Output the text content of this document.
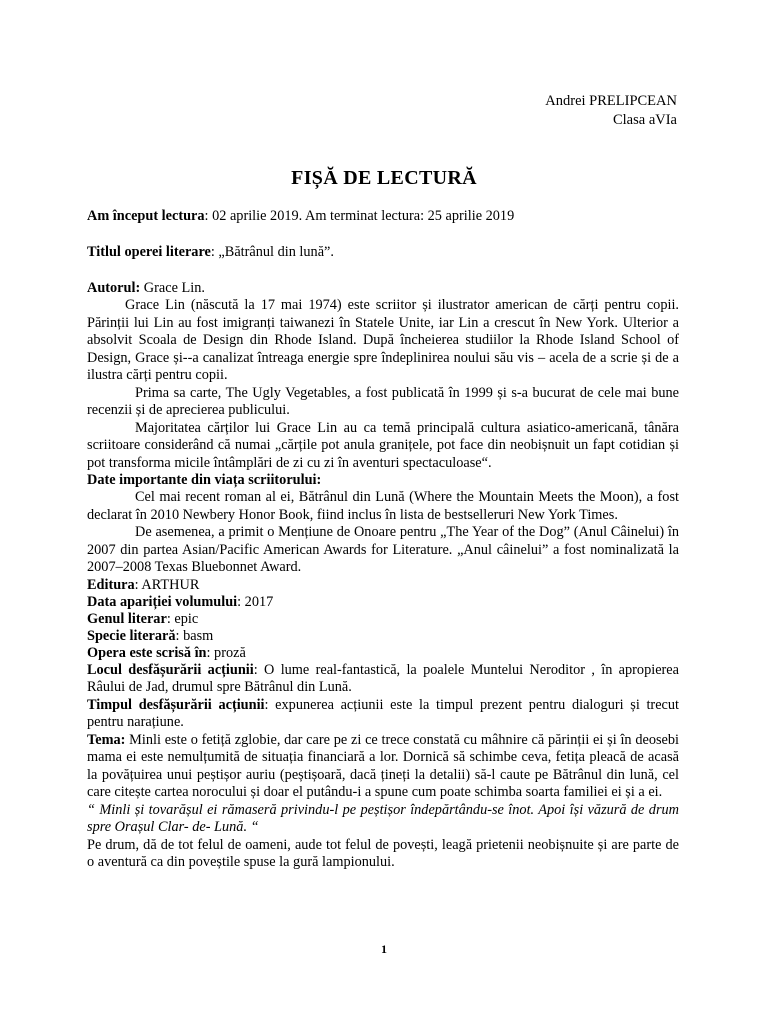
Andrei PRELIPCEAN
Clasa aVIa
FIȘĂ DE LECTURĂ

Am început lectura: 02 aprilie 2019. Am terminat lectura: 25 aprilie 2019

Titlul operei literare: „Bătrânul din lună”.

Autorul: Grace Lin.

Grace Lin (născută la 17 mai 1974) este scriitor și ilustrator american de cărți pentru copii. Părinții lui Lin au fost imigranți taiwanezi în Statele Unite, iar Lin a crescut în New York. Ulterior a absolvit Scoala de Design din Rhode Island. După încheierea studiilor la Rhode Island School of Design, Grace și--a canalizat întreaga energie spre îndeplinirea noului său vis – acela de a scrie și de a ilustra cărți pentru copii.

Prima sa carte, The Ugly Vegetables, a fost publicată în 1999 și s-a bucurat de cele mai bune recenzii și de aprecierea publicului.

Majoritatea cărților lui Grace Lin au ca temă principală cultura asiatico-americană, tânăra scriitoare considerând că numai „cărțile pot anula granițele, pot face din neobișnuit un fapt cotidian și pot transforma micile întâmplări de zi cu zi în aventuri spectaculoase“.

Date importante din viața scriitorului:

Cel mai recent roman al ei, Bătrânul din Lună (Where the Mountain Meets the Moon), a fost declarat în 2010 Newbery Honor Book, fiind inclus în lista de bestselleruri New York Times.

De asemenea, a primit o Mențiune de Onoare pentru „The Year of the Dog” (Anul Câinelui) în 2007 din partea Asian/Pacific American Awards for Literature. „Anul câinelui” a fost nominalizată la 2007–2008 Texas Bluebonnet Award.

Editura: ARTHUR

Data apariției volumului: 2017

Genul literar: epic

Specie literară: basm

Opera este scrisă în: proză

Locul desfășurării acțiunii: O lume real-fantastică, la poalele Muntelui Neroditor , în apropierea Râului de Jad, drumul spre Bătrânul din Lună.

Timpul desfășurării acțiunii: expunerea acțiunii este la timpul prezent pentru dialoguri și trecut pentru narațiune.

Tema: Minli este o fetiță zglobie, dar care pe zi ce trece constată cu mâhnire că părinții ei și în deosebi mama ei este nemulțumită de situația financiară a lor. Dornică să schimbe ceva, fetița pleacă de acasă la povățuirea unui peștișor auriu (peștișoară, dacă țineți la detalii) să-l caute pe Bătrânul din lună, cel care citește cartea norocului și doar el putându-i a spune cum poate schimba soarta familiei ei și a ei.

“ Minli și tovarășul ei rămaseră privindu-l pe peștișor îndepărtându-se înot. Apoi își văzură de drum spre Orașul Clar- de- Lună. “

Pe drum, dă de tot felul de oameni, aude tot felul de povești, leagă prietenii neobișnuite și are parte de o aventură ca din poveștile spuse la gură lampionului.

1
